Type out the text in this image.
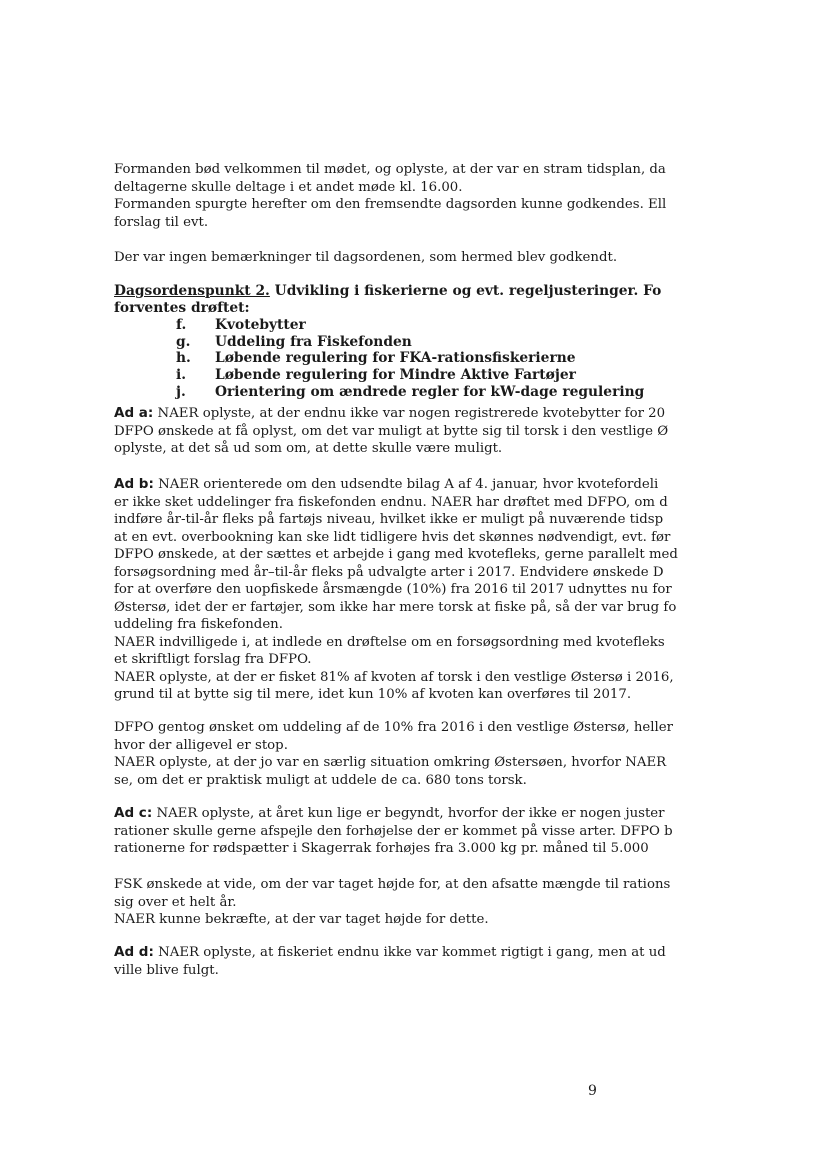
Formanden bød velkommen til mødet, og oplyste, at der var en stram tidsplan, da
deltagerne skulle deltage i et andet møde kl. 16.00.
Formanden spurgte herefter om den fremsendte dagsorden kunne godkendes. Ell
forslag til evt.
Der var ingen bemærkninger til dagsordenen, som hermed blev godkendt.
Dagsordenspunkt 2. Udvikling i fiskerierne og evt. regeljusteringer. Fo
forventes drøftet:
f. Kvotebytter
g. Uddeling fra Fiskefonden
h. Løbende regulering for FKA-rationsfiskerierne
i. Løbende regulering for Mindre Aktive Fartøjer
j. Orientering om ændrede regler for kW-dage regulering
Ad a: NAER oplyste, at der endnu ikke var nogen registrerede kvotebytter for 20
DFPO ønskede at få oplyst, om det var muligt at bytte sig til torsk i den vestlige Ø
oplyste, at det så ud som om, at dette skulle være muligt.
Ad b: NAER orienterede om den udsendte bilag A af 4. januar, hvor kvotefordeli
er ikke sket uddelinger fra fiskefonden endnu. NAER har drøftet med DFPO, om d
indføre år-til-år fleks på fartøjs niveau, hvilket ikke er muligt på nuværende tidsp
at en evt. overbookning kan ske lidt tidligere hvis det skønnes nødvendigt, evt. før
DFPO ønskede, at der sættes et arbejde i gang med kvotefleks, gerne parallelt med
forsøgsordning med år–til-år fleks på udvalgte arter i 2017. Endvidere ønskede D
for at overføre den uopfiskede årsmængde (10%) fra 2016 til 2017 udnyttes nu for
Østersø, idet der er fartøjer, som ikke har mere torsk at fiske på, så der var brug fo
uddeling fra fiskefonden.
NAER indvilligede i, at indlede en drøftelse om en forsøgsordning med kvotefleks
et skriftligt forslag fra DFPO.
NAER oplyste, at der er fisket 81% af kvoten af torsk i den vestlige Østersø i 2016,
grund til at bytte sig til mere, idet kun 10% af kvoten kan overføres til 2017.
DFPO gentog ønsket om uddeling af de 10% fra 2016 i den vestlige Østersø, heller
hvor der alligevel er stop.
NAER oplyste, at der jo var en særlig situation omkring Østersøen, hvorfor NAER
se, om det er praktisk muligt at uddele de ca. 680 tons torsk.
Ad c: NAER oplyste, at året kun lige er begyndt, hvorfor der ikke er nogen juster
rationer skulle gerne afspejle den forhøjelse der er kommet på visse arter. DFPO b
rationerne for rødspætter i Skagerrak forhøjes fra 3.000 kg pr. måned til 5.000
FSK ønskede at vide, om der var taget højde for, at den afsatte mængde til rations
sig over et helt år.
NAER kunne bekræfte, at der var taget højde for dette.
Ad d: NAER oplyste, at fiskeriet endnu ikke var kommet rigtigt i gang, men at ud
ville blive fulgt.
9
